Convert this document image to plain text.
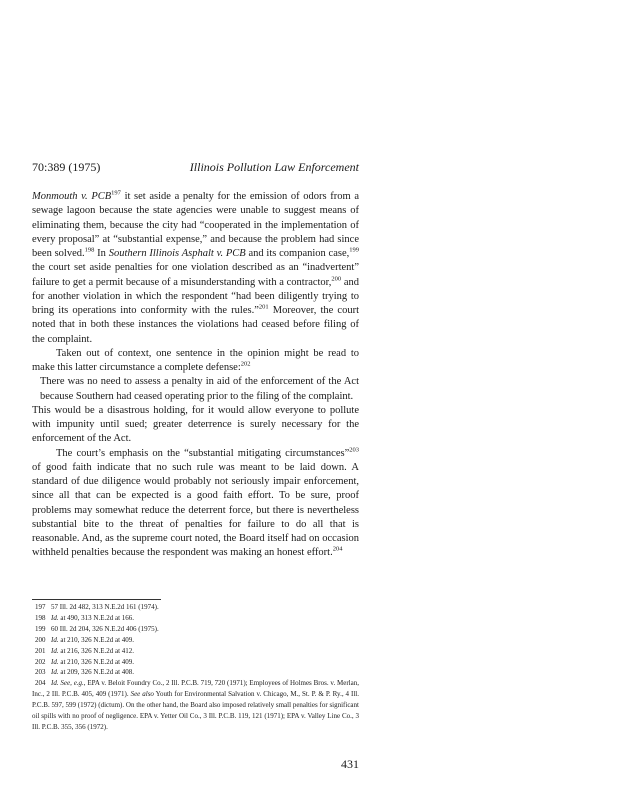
70:389 (1975)	Illinois Pollution Law Enforcement

Monmouth v. PCB$^{197}$ it set aside a penalty for the emission of odors from a sewage lagoon because the state agencies were unable to suggest means of eliminating them, because the city had “cooperated in the implementation of every proposal” at “substantial expense,” and because the problem had since been solved.$^{198}$ In Southern Illinois Asphalt v. PCB and its companion case,$^{199}$ the court set aside penalties for one violation described as an “inadvertent” failure to get a permit because of a misunderstanding with a contractor,$^{200}$ and for another violation in which the respondent “had been diligently trying to bring its operations into conformity with the rules.”$^{201}$ Moreover, the court noted that in both these instances the violations had ceased before filing of the complaint.

Taken out of context, one sentence in the opinion might be read to make this latter circumstance a complete defense:$^{202}$

There was no need to assess a penalty in aid of the enforcement of the Act because Southern had ceased operating prior to the filing of the complaint.

This would be a disastrous holding, for it would allow everyone to pollute with impunity until sued; greater deterrence is surely necessary for the enforcement of the Act.

The court’s emphasis on the “substantial mitigating circumstances”$^{203}$ of good faith indicate that no such rule was meant to be laid down. A standard of due diligence would probably not seriously impair enforcement, since all that can be expected is a good faith effort. To be sure, proof problems may somewhat reduce the deterrent force, but there is nevertheless substantial bite to the threat of penalties for failure to do all that is reasonable. And, as the supreme court noted, the Board itself had on occasion withheld penalties because the respondent was making an honest effort.$^{204}$

197 57 Ill. 2d 482, 313 N.E.2d 161 (1974).
198 Id. at 490, 313 N.E.2d at 166.
199 60 Ill. 2d 204, 326 N.E.2d 406 (1975).
200 Id. at 210, 326 N.E.2d at 409.
201 Id. at 216, 326 N.E.2d at 412.
202 Id. at 210, 326 N.E.2d at 409.
203 Id. at 209, 326 N.E.2d at 408.
204 Id. See, e.g., EPA v. Beloit Foundry Co., 2 Ill. P.C.B. 719, 720 (1971); Employees of Holmes Bros. v. Merlan, Inc., 2 Ill. P.C.B. 405, 409 (1971). See also Youth for Environmental Salvation v. Chicago, M., St. P. & P. Ry., 4 Ill. P.C.B. 597, 599 (1972) (dictum). On the other hand, the Board also imposed relatively small penalties for significant oil spills with no proof of negligence. EPA v. Yetter Oil Co., 3 Ill. P.C.B. 119, 121 (1971); EPA v. Valley Line Co., 3 Ill. P.C.B. 355, 356 (1972).
431
